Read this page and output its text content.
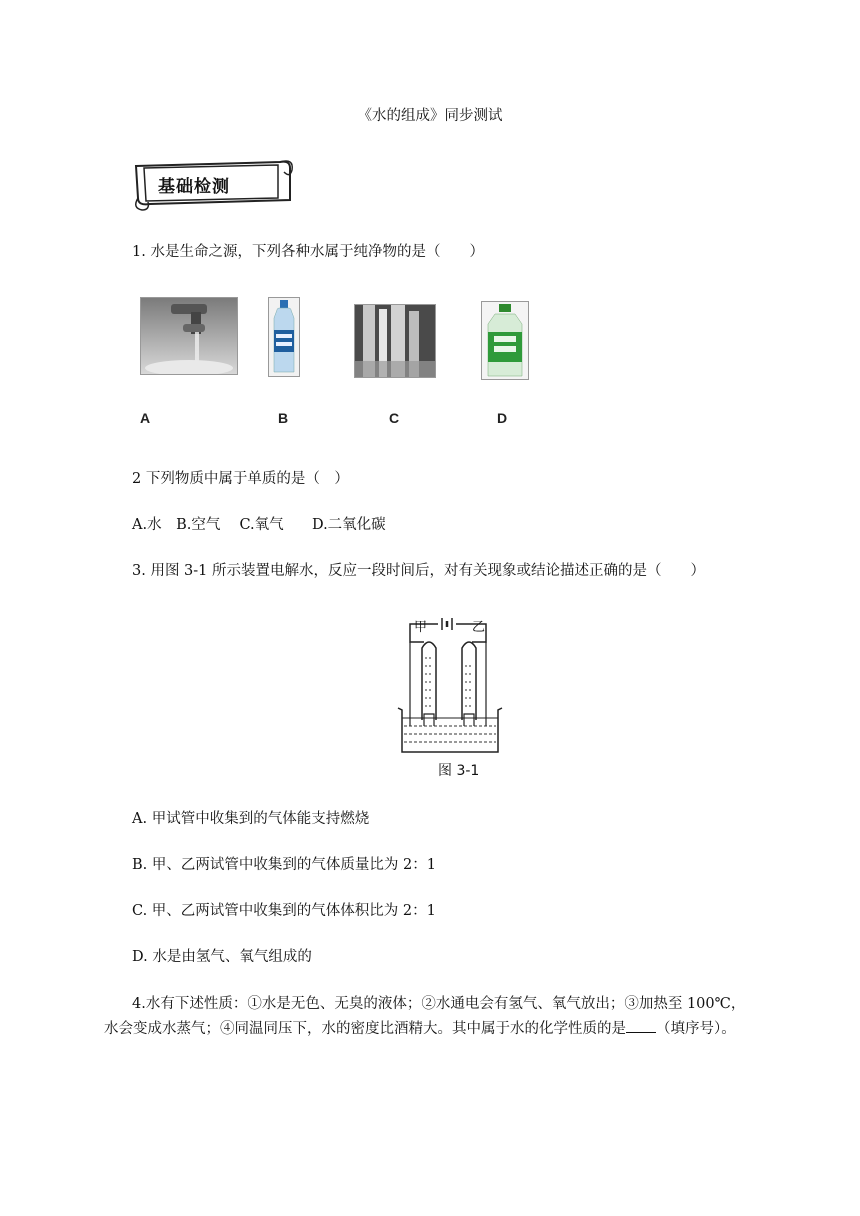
《水的组成》同步测试
基础检测
1. 水是生命之源，下列各种水属于纯净物的是（　　）
A	B	C	D
2 下列物质中属于单质的是（　）
A.水　B.空气　 C.氧气　   D.二氧化碳
3. 用图 3-1 所示装置电解水，反应一段时间后，对有关现象或结论描述正确的是（　　）
甲	乙
图 3-1
A. 甲试管中收集到的气体能支持燃烧
B. 甲、乙两试管中收集到的气体质量比为 2：1
C. 甲、乙两试管中收集到的气体体积比为 2：1
D. 水是由氢气、氧气组成的
4.水有下述性质：①水是无色、无臭的液体；②水通电会有氢气、氧气放出；③加热至 100℃，
水会变成水蒸气；④同温同压下，水的密度比酒精大。其中属于水的化学性质的是 （填序号）。
